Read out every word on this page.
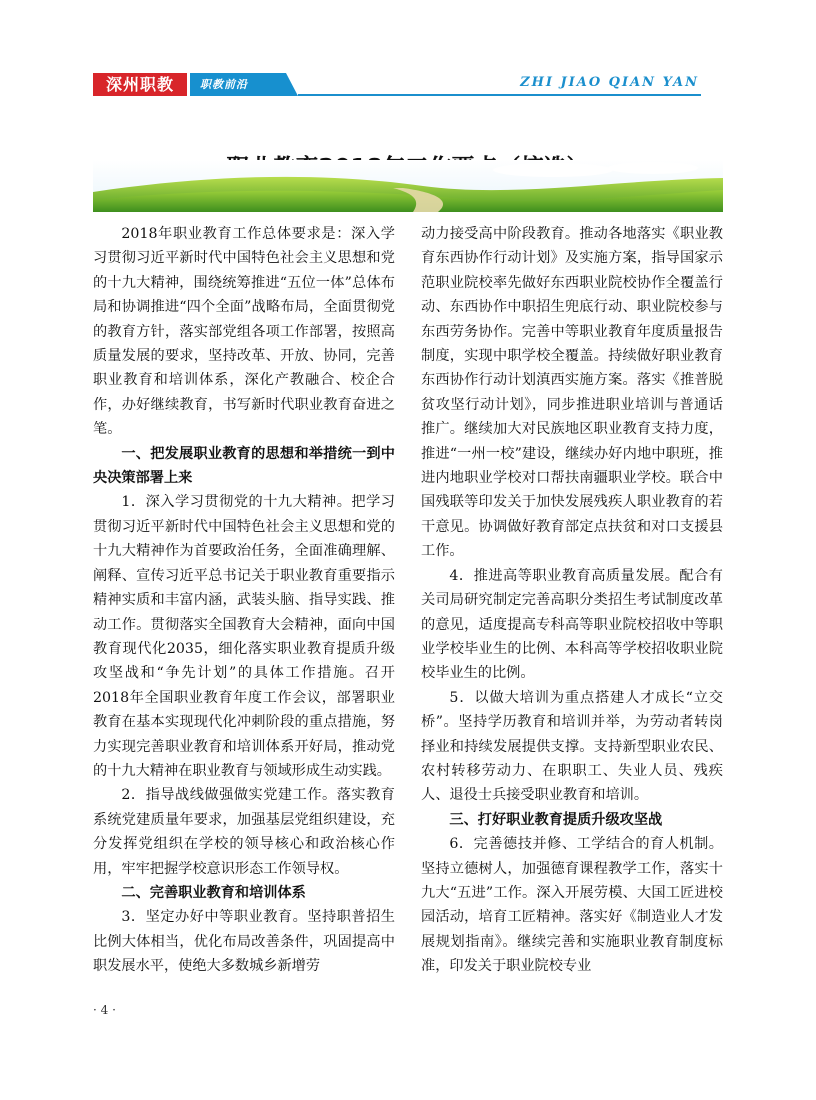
深州职教	职教前沿	ZHI JIAO QIAN YAN

2018年职业教育工作总体要求是：深入学习贯彻习近平新时代中国特色社会主义思想和党的十九大精神，围绕统筹推进“五位一体”总体布局和协调推进“四个全面”战略布局，全面贯彻党的教育方针，落实部党组各项工作部署，按照高质量发展的要求，坚持改革、开放、协同，完善职业教育和培训体系，深化产教融合、校企合作，办好继续教育，书写新时代职业教育奋进之笔。

一、把发展职业教育的思想和举措统一到中央决策部署上来

1．深入学习贯彻党的十九大精神。把学习贯彻习近平新时代中国特色社会主义思想和党的十九大精神作为首要政治任务，全面准确理解、阐释、宣传习近平总书记关于职业教育重要指示精神实质和丰富内涵，武装头脑、指导实践、推动工作。贯彻落实全国教育大会精神，面向中国教育现代化2035，细化落实职业教育提质升级攻坚战和“争先计划”的具体工作措施。召开2018年全国职业教育年度工作会议，部署职业教育在基本实现现代化冲刺阶段的重点措施，努力实现完善职业教育和培训体系开好局，推动党的十九大精神在职业教育与领域形成生动实践。

2．指导战线做强做实党建工作。落实教育系统党建质量年要求，加强基层党组织建设，充分发挥党组织在学校的领导核心和政治核心作用，牢牢把握学校意识形态工作领导权。

二、完善职业教育和培训体系

3．坚定办好中等职业教育。坚持职普招生比例大体相当，优化布局改善条件，巩固提高中职发展水平，使绝大多数城乡新增劳

动力接受高中阶段教育。推动各地落实《职业教育东西协作行动计划》及实施方案，指导国家示范职业院校率先做好东西职业院校协作全覆盖行动、东西协作中职招生兜底行动、职业院校参与东西劳务协作。完善中等职业教育年度质量报告制度，实现中职学校全覆盖。持续做好职业教育东西协作行动计划滇西实施方案。落实《推普脱贫攻坚行动计划》，同步推进职业培训与普通话推广。继续加大对民族地区职业教育支持力度，推进“一州一校”建设，继续办好内地中职班，推进内地职业学校对口帮扶南疆职业学校。联合中国残联等印发关于加快发展残疾人职业教育的若干意见。协调做好教育部定点扶贫和对口支援县工作。

4．推进高等职业教育高质量发展。配合有关司局研究制定完善高职分类招生考试制度改革的意见，适度提高专科高等职业院校招收中等职业学校毕业生的比例、本科高等学校招收职业院校毕业生的比例。

5．以做大培训为重点搭建人才成长“立交桥”。坚持学历教育和培训并举，为劳动者转岗择业和持续发展提供支撑。支持新型职业农民、农村转移劳动力、在职职工、失业人员、残疾人、退役士兵接受职业教育和培训。

三、打好职业教育提质升级攻坚战

6．完善德技并修、工学结合的育人机制。坚持立德树人，加强德育课程教学工作，落实十九大“五进”工作。深入开展劳模、大国工匠进校园活动，培育工匠精神。落实好《制造业人才发展规划指南》。继续完善和实施职业教育制度标准，印发关于职业院校专业

· 4 ·
